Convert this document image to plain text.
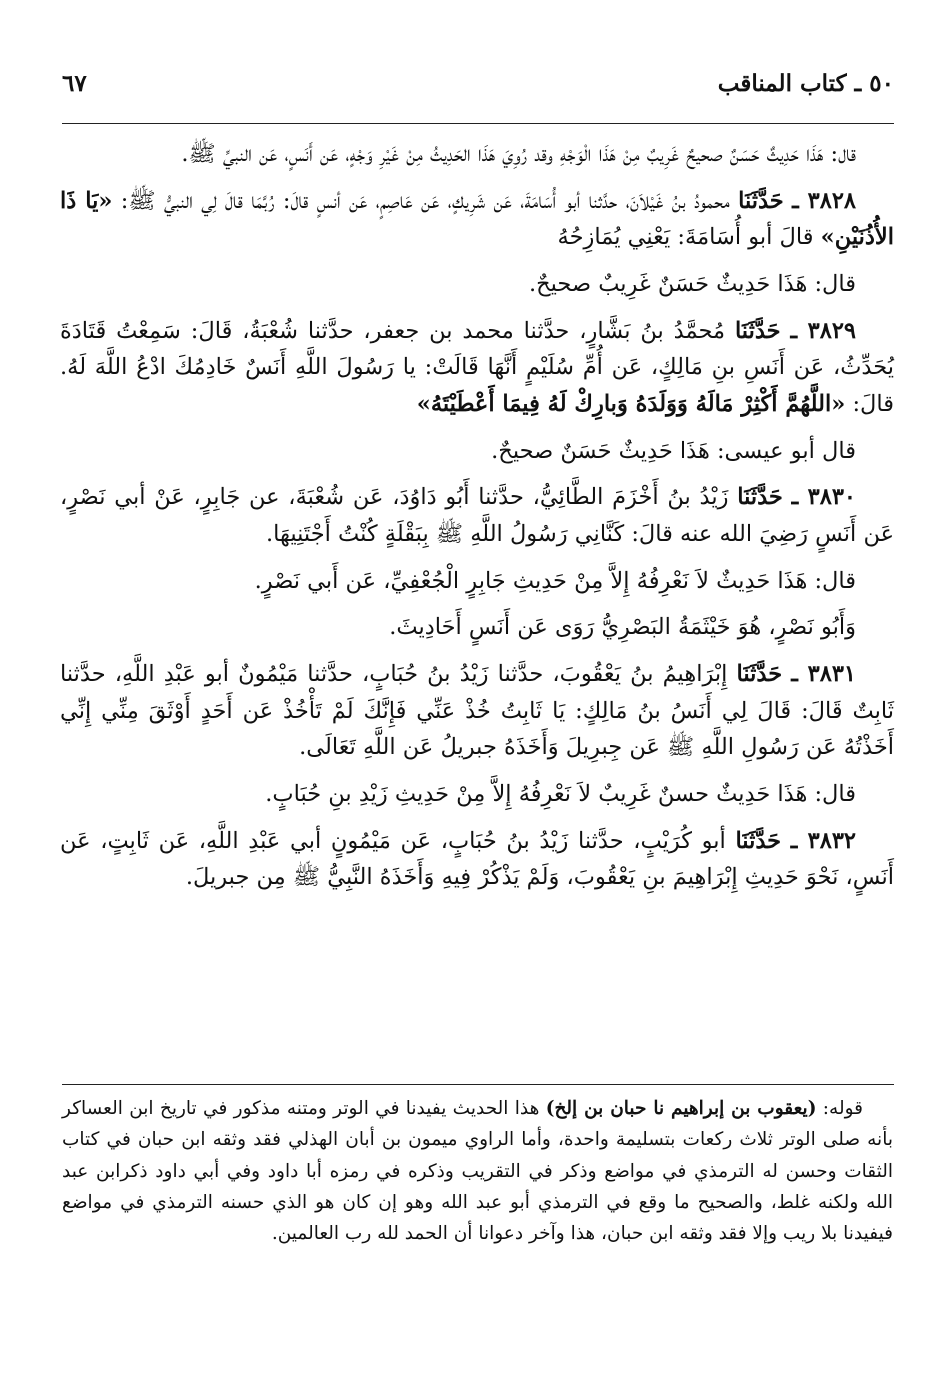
٥٠ ـ كتاب المناقب
٦٧

قال: هَذَا حَدِيثٌ حَسَنٌ صحيحٌ غَرِيبٌ مِنْ هَذَا الْوَجْهِ وقد رُوِيَ هَذَا الحَدِيثُ مِنْ غَيْرِ وَجْهٍ، عَن أَنَسٍ، عَن النبيِّ ﷺ.

٣٨٢٨ ـ حَدَّثَنَا محمودُ بنُ غَيْلاَنَ، حدَّثنا أبو أُسَامَةَ، عَن شَرِيكٍ، عَن عَاصِمٍ، عَن أنسٍ قالَ: رُبَّمَا قالَ لِي النبيُّ ﷺ: «يَا ذَا الأُذُنَيْنِ» قالَ أبو أُسَامَةَ: يَعْنِي يُمَازِحُهُ

قال: هَذَا حَدِيثٌ حَسَنٌ غَرِيبٌ صحيحٌ.

٣٨٢٩ ـ حَدَّثَنَا مُحمَّدُ بنُ بَشَّارٍ، حدَّثنا محمد بن جعفر، حدَّثنا شُعْبَةُ، قَالَ: سَمِعْتُ قَتَادَةَ يُحَدِّثُ، عَن أَنَسِ بنِ مَالِكٍ، عَن أُمِّ سُلَيْمٍ أَنَّهَا قَالَتْ: يا رَسُولَ اللَّهِ أَنَسٌ خَادِمُكَ ادْعُ اللَّهَ لَهُ. قالَ: «اللَّهُمَّ أَكْثِرْ مَالَهُ وَوَلَدَهُ وَبارِكْ لَهُ فِيمَا أَعْطَيْتَهُ»

قال أبو عيسى: هَذَا حَدِيثٌ حَسَنٌ صحيحٌ.

٣٨٣٠ ـ حَدَّثَنَا زَيْدُ بنُ أَخْزَمَ الطَّائِيُّ، حدَّثنا أَبُو دَاوُدَ، عَن شُعْبَةَ، عن جَابِرٍ، عَنْ أبي نَصْرٍ، عَن أَنَسٍ رَضِيَ الله عنه قالَ: كَنَّانِي رَسُولُ اللَّهِ ﷺ بِبَقْلَةٍ كُنْتُ أَجْتَنِيهَا.

قال: هَذَا حَدِيثٌ لاَ نَعْرِفُهُ إِلاَّ مِنْ حَدِيثِ جَابِرٍ الْجُعْفِيِّ، عَن أَبي نَصْرٍ.

وَأَبُو نَصْرٍ، هُوَ خَيْثَمَةُ البَصْرِيُّ رَوَى عَن أَنَسٍ أَحَادِيثَ.

٣٨٣١ ـ حَدَّثَنَا إِبْرَاهِيمُ بنُ يَعْقُوبَ، حدَّثنا زَيْدُ بنُ حُبَابٍ، حدَّثنا مَيْمُونٌ أبو عَبْدِ اللَّهِ، حدَّثنا ثَابِتٌ قَالَ: قَالَ لِي أَنَسُ بنُ مَالِكٍ: يَا ثَابِتُ خُذْ عَنِّي فَإِنَّكَ لَمْ تَأْخُذْ عَن أَحَدٍ أَوْثَقَ مِنِّي إِنِّي أَخَذْتُهُ عَن رَسُولِ اللَّهِ ﷺ عَن جِبرِيلَ وَأَخَذَهُ جبريلُ عَن اللَّهِ تَعَالَى.

قال: هَذَا حَدِيثٌ حسنٌ غَرِيبٌ لاَ نَعْرِفُهُ إِلاَّ مِنْ حَدِيثِ زَيْدِ بنِ حُبَابٍ.

٣٨٣٢ ـ حَدَّثَنَا أبو كُرَيْبٍ، حدَّثنا زَيْدُ بنُ حُبَابٍ، عَن مَيْمُونٍ أبي عَبْدِ اللَّهِ، عَن ثَابِتٍ، عَن أَنَسٍ، نَحْوَ حَدِيثِ إِبْرَاهِيمَ بنِ يَعْقُوبَ، وَلَمْ يَذْكُرْ فِيهِ وَأَخَذَهُ النَّبِيُّ ﷺ مِن جبريلَ.

قوله: (يعقوب بن إبراهيم نا حبان بن إلخ) هذا الحديث يفيدنا في الوتر ومتنه مذكور في تاريخ ابن العساكر بأنه صلى الوتر ثلاث ركعات بتسليمة واحدة، وأما الراوي ميمون بن أبان الهذلي فقد وثقه ابن حبان في كتاب الثقات وحسن له الترمذي في مواضع وذكر في التقريب وذكره في رمزه أبا داود وفي أبي داود ذكرابن عبد الله ولكنه غلط، والصحيح ما وقع في الترمذي أبو عبد الله وهو إن كان هو الذي حسنه الترمذي في مواضع فيفيدنا بلا ريب وإلا فقد وثقه ابن حبان، هذا وآخر دعوانا أن الحمد لله رب العالمين.
